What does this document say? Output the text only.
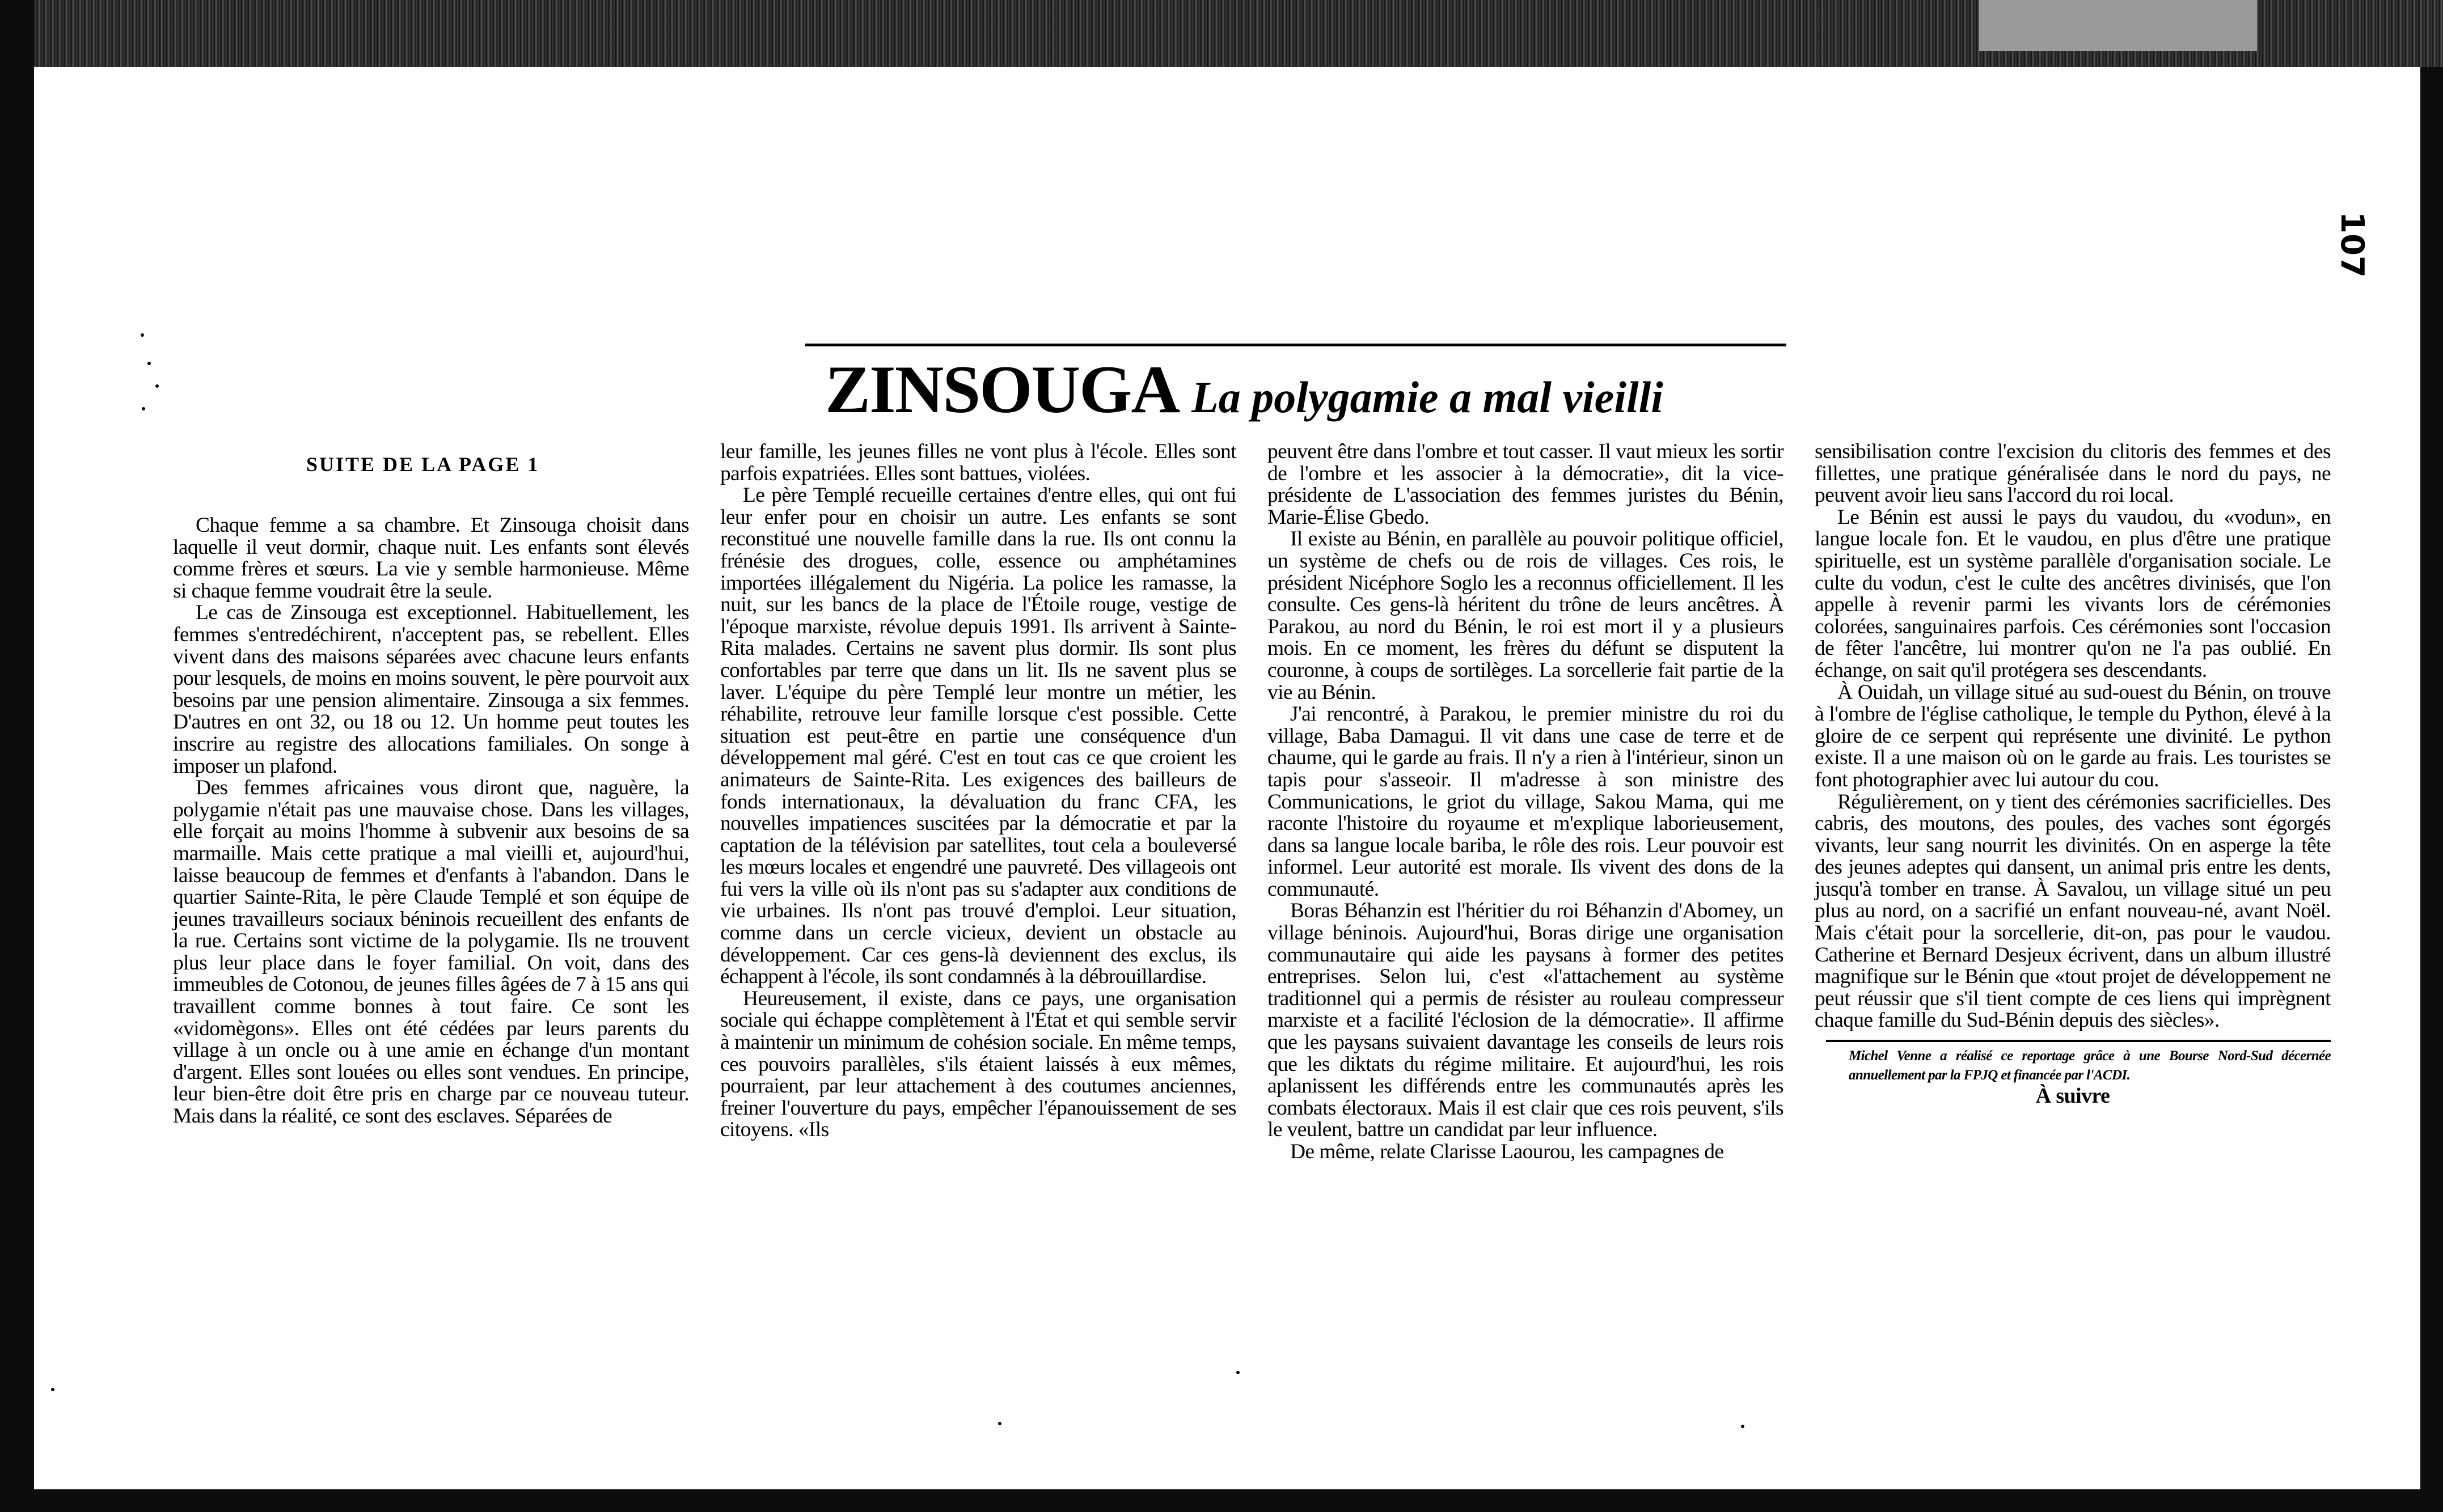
107
ZINSOUGA La polygamie a mal vieilli
SUITE DE LA PAGE 1

Chaque femme a sa chambre. Et Zinsouga choisit dans laquelle il veut dormir, chaque nuit. Les enfants sont élevés comme frères et sœurs. La vie y semble harmonieuse. Même si chaque femme voudrait être la seule.

Le cas de Zinsouga est exceptionnel. Habituellement, les femmes s'entredéchirent, n'acceptent pas, se rebellent. Elles vivent dans des maisons séparées avec chacune leurs enfants pour lesquels, de moins en moins souvent, le père pourvoit aux besoins par une pension alimentaire. Zinsouga a six femmes. D'autres en ont 32, ou 18 ou 12. Un homme peut toutes les inscrire au registre des allocations familiales. On songe à imposer un plafond.

Des femmes africaines vous diront que, naguère, la polygamie n'était pas une mauvaise chose. Dans les villages, elle forçait au moins l'homme à subvenir aux besoins de sa marmaille. Mais cette pratique a mal vieilli et, aujourd'hui, laisse beaucoup de femmes et d'enfants à l'abandon. Dans le quartier Sainte-Rita, le père Claude Templé et son équipe de jeunes travailleurs sociaux béninois recueillent des enfants de la rue. Certains sont victime de la polygamie. Ils ne trouvent plus leur place dans le foyer familial. On voit, dans des immeubles de Cotonou, de jeunes filles âgées de 7 à 15 ans qui travaillent comme bonnes à tout faire. Ce sont les «vidomègons». Elles ont été cédées par leurs parents du village à un oncle ou à une amie en échange d'un montant d'argent. Elles sont louées ou elles sont vendues. En principe, leur bien-être doit être pris en charge par ce nouveau tuteur. Mais dans la réalité, ce sont des esclaves. Séparées de

leur famille, les jeunes filles ne vont plus à l'école. Elles sont parfois expatriées. Elles sont battues, violées.

Le père Templé recueille certaines d'entre elles, qui ont fui leur enfer pour en choisir un autre. Les enfants se sont reconstitué une nouvelle famille dans la rue. Ils ont connu la frénésie des drogues, colle, essence ou amphétamines importées illégalement du Nigéria. La police les ramasse, la nuit, sur les bancs de la place de l'Étoile rouge, vestige de l'époque marxiste, révolue depuis 1991. Ils arrivent à Sainte-Rita malades. Certains ne savent plus dormir. Ils sont plus confortables par terre que dans un lit. Ils ne savent plus se laver. L'équipe du père Templé leur montre un métier, les réhabilite, retrouve leur famille lorsque c'est possible. Cette situation est peut-être en partie une conséquence d'un développement mal géré. C'est en tout cas ce que croient les animateurs de Sainte-Rita. Les exigences des bailleurs de fonds internationaux, la dévaluation du franc CFA, les nouvelles impatiences suscitées par la démocratie et par la captation de la télévision par satellites, tout cela a bouleversé les mœurs locales et engendré une pauvreté. Des villageois ont fui vers la ville où ils n'ont pas su s'adapter aux conditions de vie urbaines. Ils n'ont pas trouvé d'emploi. Leur situation, comme dans un cercle vicieux, devient un obstacle au développement. Car ces gens-là deviennent des exclus, ils échappent à l'école, ils sont condamnés à la débrouillardise.

Heureusement, il existe, dans ce pays, une organisation sociale qui échappe complètement à l'État et qui semble servir à maintenir un minimum de cohésion sociale. En même temps, ces pouvoirs parallèles, s'ils étaient laissés à eux mêmes, pourraient, par leur attachement à des coutumes anciennes, freiner l'ouverture du pays, empêcher l'épanouissement de ses citoyens. «Ils

peuvent être dans l'ombre et tout casser. Il vaut mieux les sortir de l'ombre et les associer à la démocratie», dit la vice-présidente de L'association des femmes juristes du Bénin, Marie-Élise Gbedo.

Il existe au Bénin, en parallèle au pouvoir politique officiel, un système de chefs ou de rois de villages. Ces rois, le président Nicéphore Soglo les a reconnus officiellement. Il les consulte. Ces gens-là héritent du trône de leurs ancêtres. À Parakou, au nord du Bénin, le roi est mort il y a plusieurs mois. En ce moment, les frères du défunt se disputent la couronne, à coups de sortilèges. La sorcellerie fait partie de la vie au Bénin.

J'ai rencontré, à Parakou, le premier ministre du roi du village, Baba Damagui. Il vit dans une case de terre et de chaume, qui le garde au frais. Il n'y a rien à l'intérieur, sinon un tapis pour s'asseoir. Il m'adresse à son ministre des Communications, le griot du village, Sakou Mama, qui me raconte l'histoire du royaume et m'explique laborieusement, dans sa langue locale bariba, le rôle des rois. Leur pouvoir est informel. Leur autorité est morale. Ils vivent des dons de la communauté.

Boras Béhanzin est l'héritier du roi Béhanzin d'Abomey, un village béninois. Aujourd'hui, Boras dirige une organisation communautaire qui aide les paysans à former des petites entreprises. Selon lui, c'est «l'attachement au système traditionnel qui a permis de résister au rouleau compresseur marxiste et a facilité l'éclosion de la démocratie». Il affirme que les paysans suivaient davantage les conseils de leurs rois que les diktats du régime militaire. Et aujourd'hui, les rois aplanissent les différends entre les communautés après les combats électoraux. Mais il est clair que ces rois peuvent, s'ils le veulent, battre un candidat par leur influence.

De même, relate Clarisse Laourou, les campagnes de

sensibilisation contre l'excision du clitoris des femmes et des fillettes, une pratique généralisée dans le nord du pays, ne peuvent avoir lieu sans l'accord du roi local.

Le Bénin est aussi le pays du vaudou, du «vodun», en langue locale fon. Et le vaudou, en plus d'être une pratique spirituelle, est un système parallèle d'organisation sociale. Le culte du vodun, c'est le culte des ancêtres divinisés, que l'on appelle à revenir parmi les vivants lors de cérémonies colorées, sanguinaires parfois. Ces cérémonies sont l'occasion de fêter l'ancêtre, lui montrer qu'on ne l'a pas oublié. En échange, on sait qu'il protégera ses descendants.

À Ouidah, un village situé au sud-ouest du Bénin, on trouve à l'ombre de l'église catholique, le temple du Python, élevé à la gloire de ce serpent qui représente une divinité. Le python existe. Il a une maison où on le garde au frais. Les touristes se font photographier avec lui autour du cou.

Régulièrement, on y tient des cérémonies sacrificielles. Des cabris, des moutons, des poules, des vaches sont égorgés vivants, leur sang nourrit les divinités. On en asperge la tête des jeunes adeptes qui dansent, un animal pris entre les dents, jusqu'à tomber en transe. À Savalou, un village situé un peu plus au nord, on a sacrifié un enfant nouveau-né, avant Noël. Mais c'était pour la sorcellerie, dit-on, pas pour le vaudou. Catherine et Bernard Desjeux écrivent, dans un album illustré magnifique sur le Bénin que «tout projet de développement ne peut réussir que s'il tient compte de ces liens qui imprègnent chaque famille du Sud-Bénin depuis des siècles».

Michel Venne a réalisé ce reportage grâce à une Bourse Nord-Sud décernée annuellement par la FPJQ et financée par l'ACDI.

À suivre
